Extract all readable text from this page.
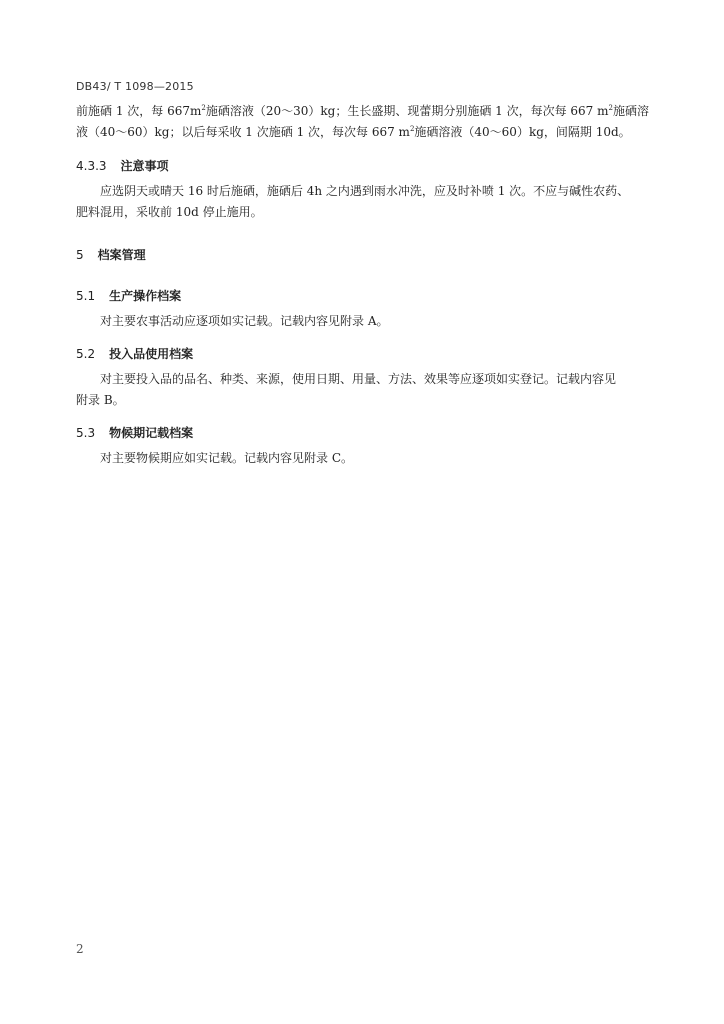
DB43/ T 1098—2015
前施硒 1 次，每 $667m^2$施硒溶液（20～30）kg；生长盛期、现蕾期分别施硒 1 次，每次每 667 $m^2$施硒溶
液（40～60）kg；以后每采收 1 次施硒 1 次，每次每 667 $m^2$施硒溶液（40～60）kg，间隔期 10d。
4.3.3 注意事项
应选阴天或晴天 16 时后施硒，施硒后 4h 之内遇到雨水冲洗，应及时补喷 1 次。不应与碱性农药、
肥料混用，采收前 10d 停止施用。
5 档案管理
5.1 生产操作档案
对主要农事活动应逐项如实记载。记载内容见附录 A。
5.2 投入品使用档案
对主要投入品的品名、种类、来源，使用日期、用量、方法、效果等应逐项如实登记。记载内容见
附录 B。
5.3 物候期记载档案
对主要物候期应如实记载。记载内容见附录 C。
2
